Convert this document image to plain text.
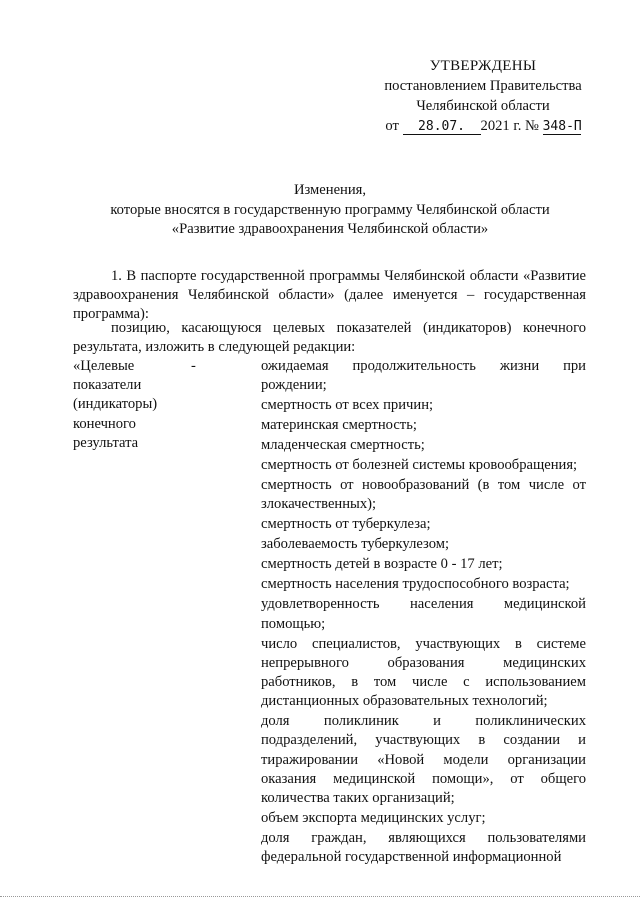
УТВЕРЖДЕНЫ
постановлением Правительства
Челябинской области
от 28.07. 2021 г. № 348-П
Изменения,
которые вносятся в государственную программу Челябинской области
«Развитие здравоохранения Челябинской области»
1. В паспорте государственной программы Челябинской области «Развитие здравоохранения Челябинской области» (далее именуется – государственная программа):
позицию, касающуюся целевых показателей (индикаторов) конечного результата, изложить в следующей редакции:
«Целевые
показатели
(индикаторы)
конечного
результата
-	ожидаемая продолжительность жизни при рождении;
смертность от всех причин;
материнская смертность;
младенческая смертность;
смертность от болезней системы кровообращения;
смертность от новообразований (в том числе от злокачественных);
смертность от туберкулеза;
заболеваемость туберкулезом;
смертность детей в возрасте 0 - 17 лет;
смертность населения трудоспособного возраста;
удовлетворенность населения медицинской помощью;
число специалистов, участвующих в системе непрерывного образования медицинских работников, в том числе с использованием дистанционных образовательных технологий;
доля поликлиник и поликлинических подразделений, участвующих в создании и тиражировании «Новой модели организации оказания медицинской помощи», от общего количества таких организаций;
объем экспорта медицинских услуг;
доля граждан, являющихся пользователями федеральной государственной информационной
